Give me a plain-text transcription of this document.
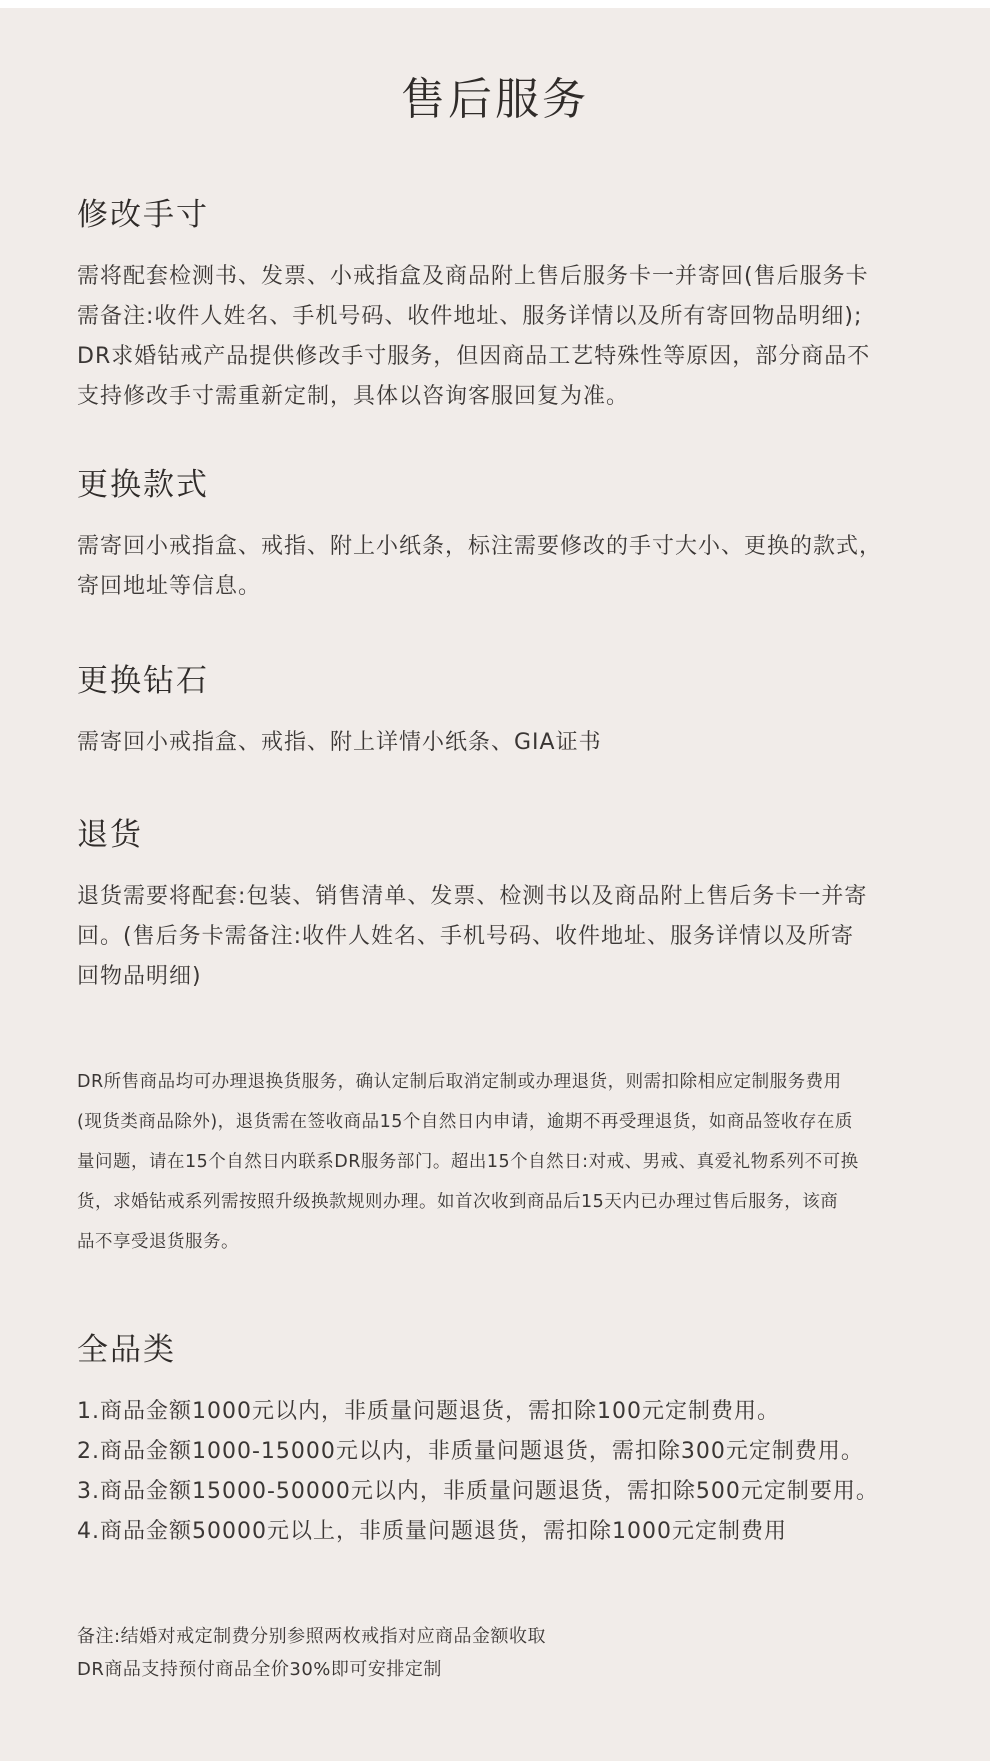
售后服务
修改手寸

需将配套检测书、发票、小戒指盒及商品附上售后服务卡一并寄回(售后服务卡

需备注:收件人姓名、手机号码、收件地址、服务详情以及所有寄回物品明细);

DR求婚钻戒产品提供修改手寸服务，但因商品工艺特殊性等原因，部分商品不

支持修改手寸需重新定制，具体以咨询客服回复为准。

更换款式

需寄回小戒指盒、戒指、附上小纸条，标注需要修改的手寸大小、更换的款式，

寄回地址等信息。

更换钻石

需寄回小戒指盒、戒指、附上详情小纸条、GIA证书

退货

退货需要将配套:包装、销售清单、发票、检测书以及商品附上售后务卡一并寄

回。(售后务卡需备注:收件人姓名、手机号码、收件地址、服务详情以及所寄

回物品明细)

DR所售商品均可办理退换货服务，确认定制后取消定制或办理退货，则需扣除相应定制服务费用

(现货类商品除外)，退货需在签收商品15个自然日内申请，逾期不再受理退货，如商品签收存在质

量问题，请在15个自然日内联系DR服务部门。超出15个自然日:对戒、男戒、真爱礼物系列不可换

货，求婚钻戒系列需按照升级换款规则办理。如首次收到商品后15天内已办理过售后服务，该商

品不享受退货服务。

全品类

1.商品金额1000元以内，非质量问题退货，需扣除100元定制费用。

2.商品金额1000-15000元以内，非质量问题退货，需扣除300元定制费用。

3.商品金额15000-50000元以内，非质量问题退货，需扣除500元定制要用。

4.商品金额50000元以上，非质量问题退货，需扣除1000元定制费用

备注:结婚对戒定制费分别参照两枚戒指对应商品金额收取

DR商品支持预付商品全价30%即可安排定制
